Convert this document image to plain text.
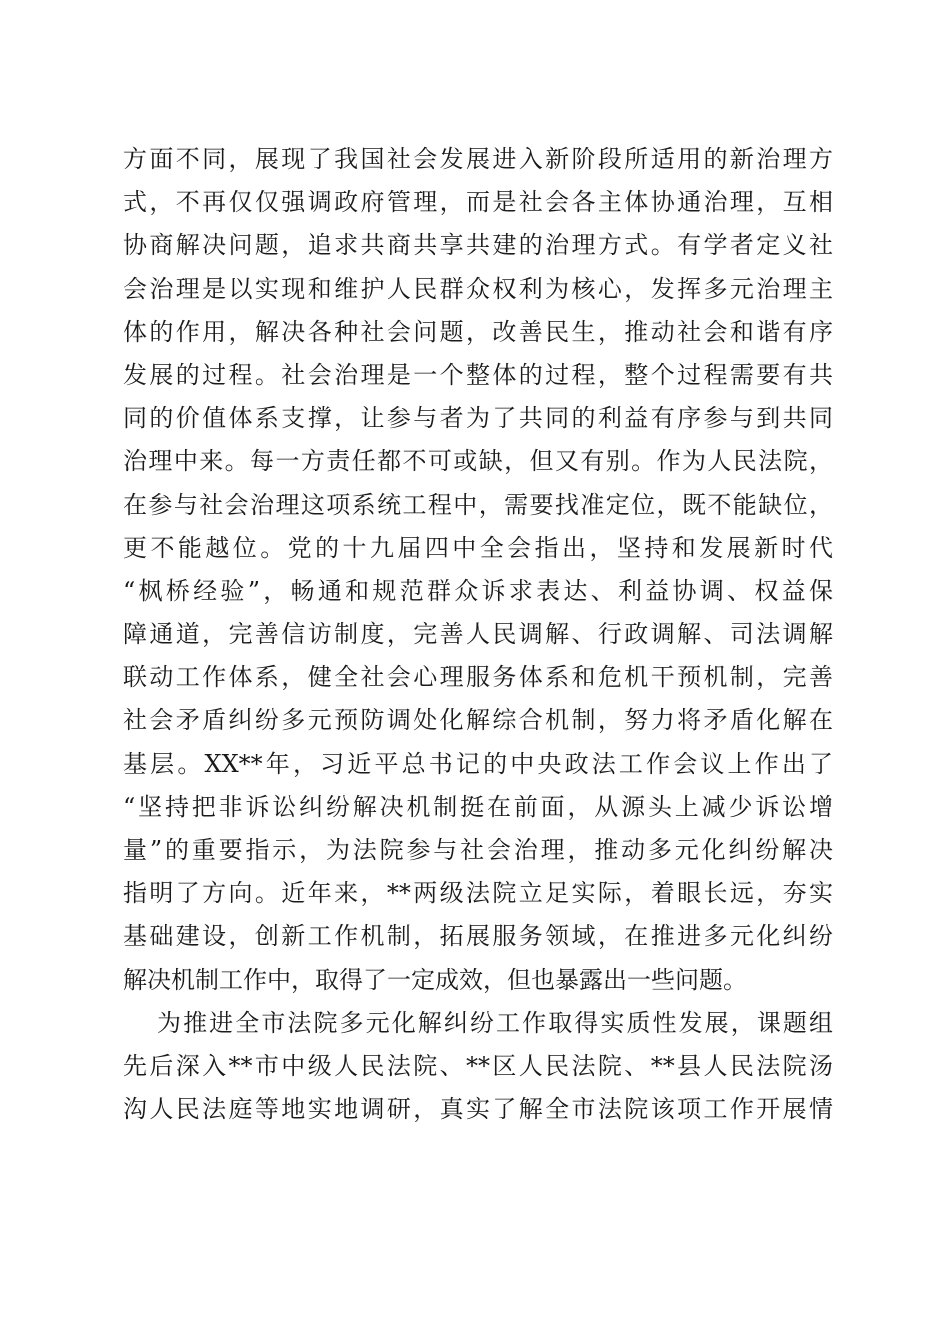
方面不同，展现了我国社会发展进入新阶段所适用的新治理方
式，不再仅仅强调政府管理，而是社会各主体协通治理，互相
协商解决问题，追求共商共享共建的治理方式。有学者定义社
会治理是以实现和维护人民群众权利为核心，发挥多元治理主
体的作用，解决各种社会问题，改善民生，推动社会和谐有序
发展的过程。社会治理是一个整体的过程，整个过程需要有共
同的价值体系支撑，让参与者为了共同的利益有序参与到共同
治理中来。每一方责任都不可或缺，但又有别。作为人民法院，
在参与社会治理这项系统工程中，需要找准定位，既不能缺位，
更不能越位。党的十九届四中全会指出，坚持和发展新时代
“枫桥经验”，畅通和规范群众诉求表达、利益协调、权益保
障通道，完善信访制度，完善人民调解、行政调解、司法调解
联动工作体系，健全社会心理服务体系和危机干预机制，完善
社会矛盾纠纷多元预防调处化解综合机制，努力将矛盾化解在
基层。XX**年，习近平总书记的中央政法工作会议上作出了
“坚持把非诉讼纠纷解决机制挺在前面，从源头上减少诉讼增
量”的重要指示，为法院参与社会治理，推动多元化纠纷解决
指明了方向。近年来，**两级法院立足实际，着眼长远，夯实
基础建设，创新工作机制，拓展服务领域，在推进多元化纠纷
解决机制工作中，取得了一定成效，但也暴露出一些问题。
为推进全市法院多元化解纠纷工作取得实质性发展，课题组
先后深入**市中级人民法院、**区人民法院、**县人民法院汤
沟人民法庭等地实地调研，真实了解全市法院该项工作开展情
